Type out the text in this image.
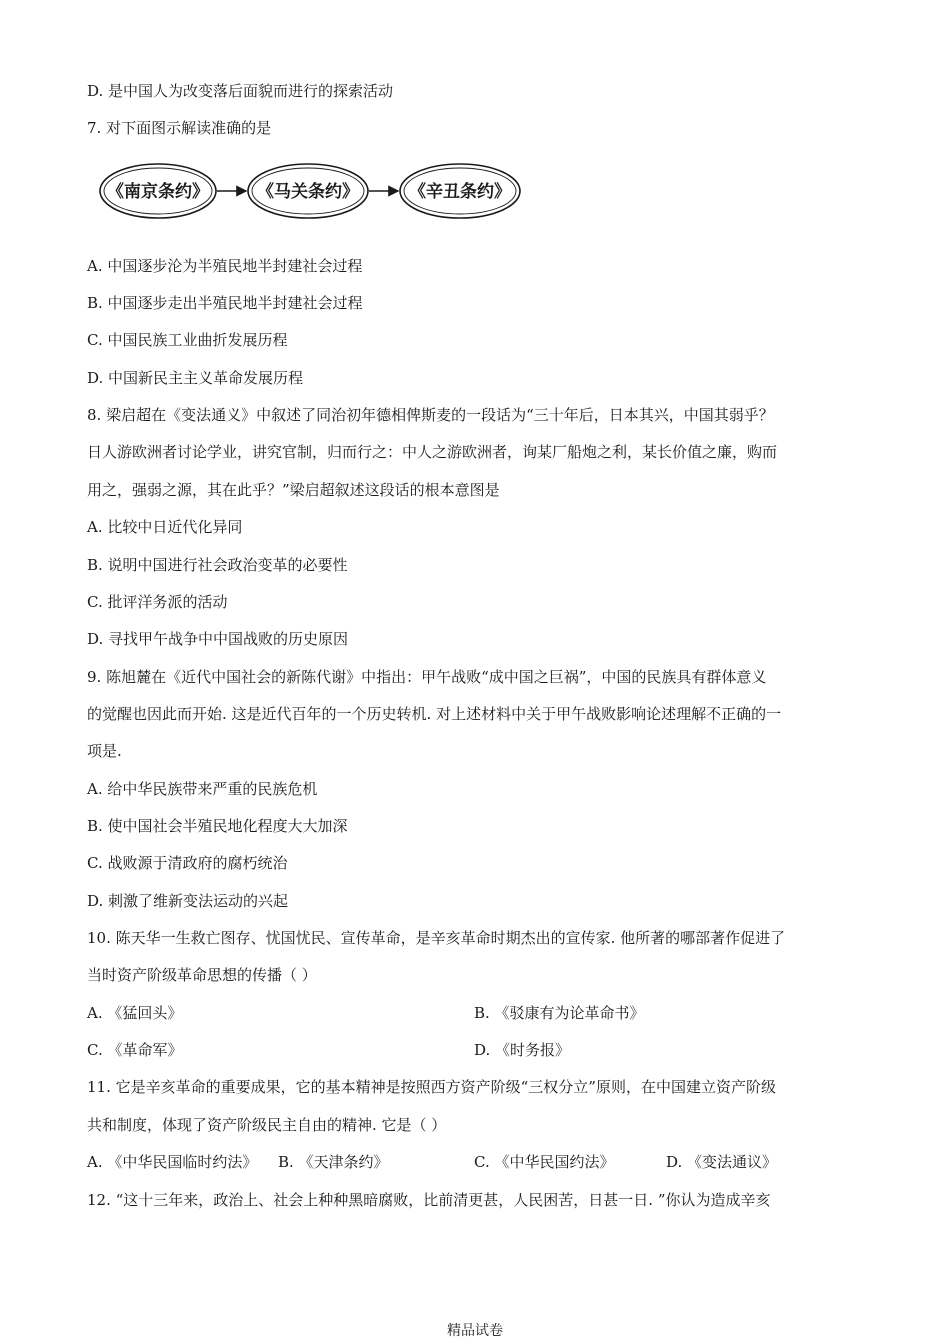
D. 是中国人为改变落后面貌而进行的探索活动
7. 对下面图示解读准确的是
《南京条约》	《马关条约》	《辛丑条约》
A. 中国逐步沦为半殖民地半封建社会过程
B. 中国逐步走出半殖民地半封建社会过程
C. 中国民族工业曲折发展历程
D. 中国新民主主义革命发展历程
8. 梁启超在《变法通义》中叙述了同治初年德相俾斯麦的一段话为“三十年后，日本其兴，中国其弱乎？
日人游欧洲者讨论学业，讲究官制，归而行之：中人之游欧洲者，询某厂船炮之利，某长价值之廉，购而
用之，强弱之源，其在此乎？”梁启超叙述这段话的根本意图是
A. 比较中日近代化异同
B. 说明中国进行社会政治变革的必要性
C. 批评洋务派的活动
D. 寻找甲午战争中中国战败的历史原因
9. 陈旭麓在《近代中国社会的新陈代谢》中指出：甲午战败“成中国之巨祸”，中国的民族具有群体意义
的觉醒也因此而开始. 这是近代百年的一个历史转机. 对上述材料中关于甲午战败影响论述理解不正确的一
项是.
A. 给中华民族带来严重的民族危机
B. 使中国社会半殖民地化程度大大加深
C. 战败源于清政府的腐朽统治
D. 刺激了维新变法运动的兴起
10. 陈天华一生救亡图存、忧国忧民、宣传革命，是辛亥革命时期杰出的宣传家. 他所著的哪部著作促进了
当时资产阶级革命思想的传播（ ）
A. 《猛回头》	B. 《驳康有为论革命书》
C. 《革命军》	D. 《时务报》
11. 它是辛亥革命的重要成果，它的基本精神是按照西方资产阶级“三权分立”原则，在中国建立资产阶级
共和制度，体现了资产阶级民主自由的精神. 它是（ ）
A. 《中华民国临时约法》 B. 《天津条约》	C. 《中华民国约法》	D. 《变法通议》
12. “这十三年来，政治上、社会上种种黑暗腐败，比前清更甚，人民困苦，日甚一日. ”你认为造成辛亥
精品试卷
